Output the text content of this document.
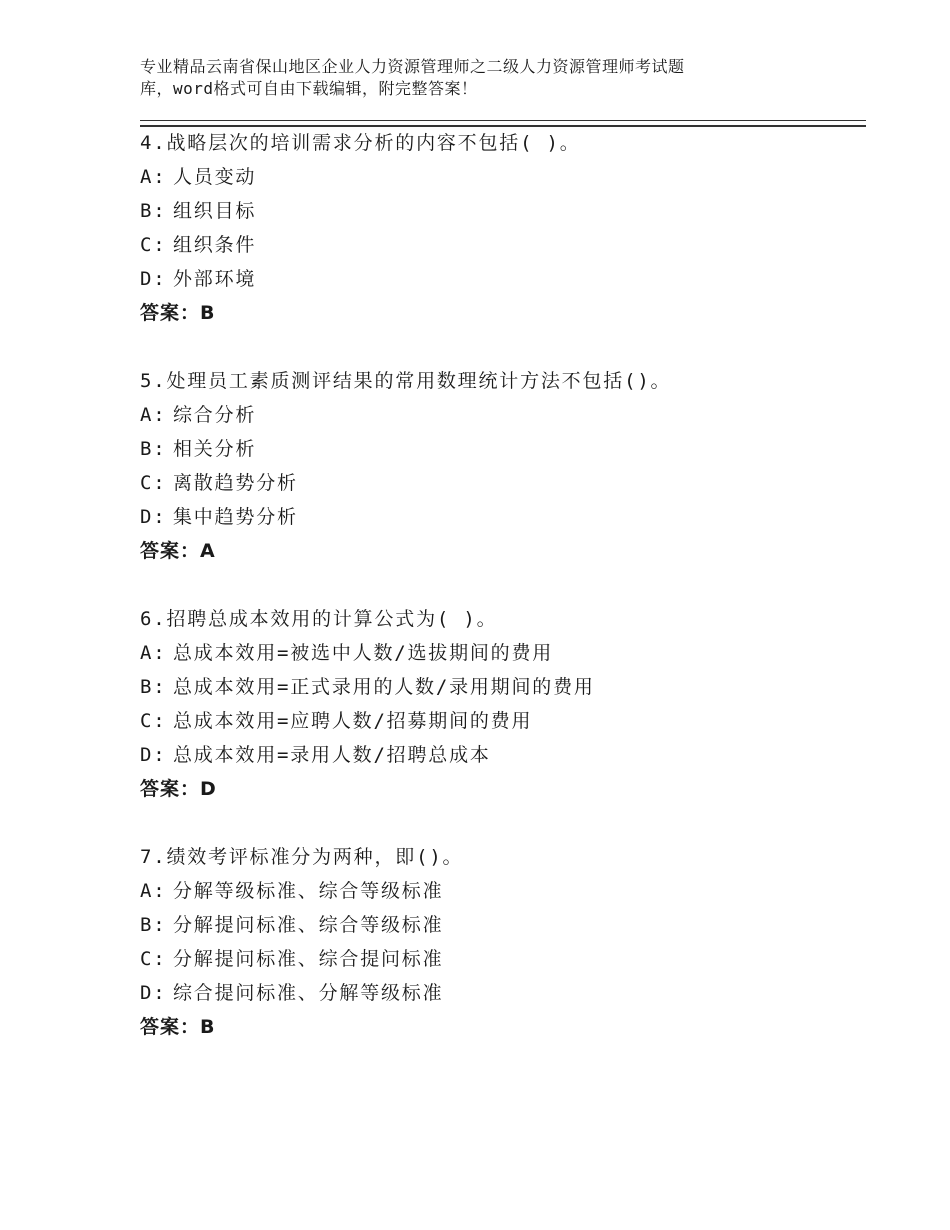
专业精品云南省保山地区企业人力资源管理师之二级人力资源管理师考试题
库，word格式可自由下载编辑，附完整答案！
4.战略层次的培训需求分析的内容不包括( )。
A: 人员变动
B: 组织目标
C: 组织条件
D: 外部环境
答案：B
5.处理员工素质测评结果的常用数理统计方法不包括()。
A: 综合分析
B: 相关分析
C: 离散趋势分析
D: 集中趋势分析
答案：A
6.招聘总成本效用的计算公式为( )。
A: 总成本效用=被选中人数/选拔期间的费用
B: 总成本效用=正式录用的人数/录用期间的费用
C: 总成本效用=应聘人数/招募期间的费用
D: 总成本效用=录用人数/招聘总成本
答案：D
7.绩效考评标准分为两种，即()。
A: 分解等级标准、综合等级标准
B: 分解提问标准、综合等级标准
C: 分解提问标准、综合提问标准
D: 综合提问标准、分解等级标准
答案：B
